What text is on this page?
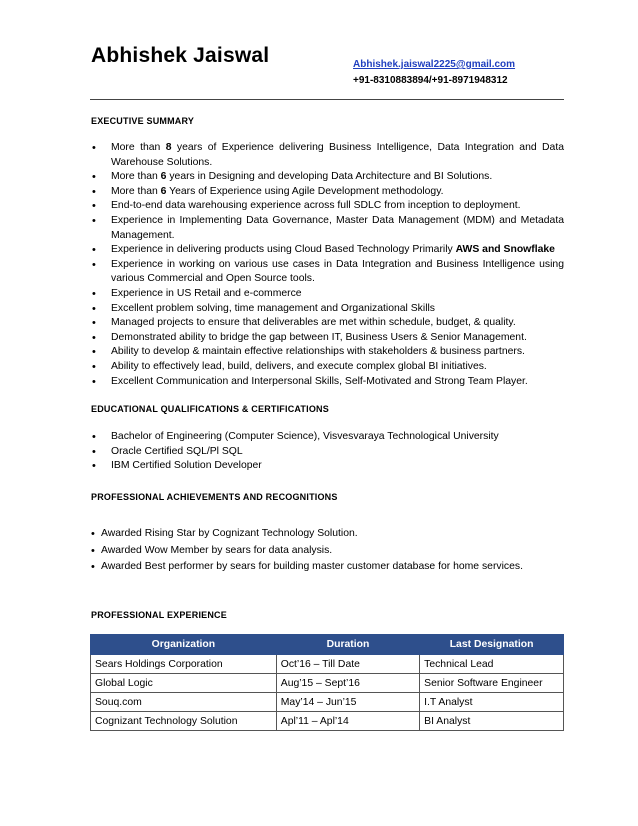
Abhishek Jaiswal	Abhishek.jaiswal2225@gmail.com
+91-8310883894/+91-8971948312
EXECUTIVE SUMMARY
• More than 8 years of Experience delivering Business Intelligence, Data Integration and Data Warehouse Solutions.
• More than 6 years in Designing and developing Data Architecture and BI Solutions.
• More than 6 Years of Experience using Agile Development methodology.
• End-to-end data warehousing experience across full SDLC from inception to deployment.
• Experience in Implementing Data Governance, Master Data Management (MDM) and Metadata Management.
• Experience in delivering products using Cloud Based Technology Primarily AWS and Snowflake
• Experience in working on various use cases in Data Integration and Business Intelligence using various Commercial and Open Source tools.
• Experience in US Retail and e-commerce
• Excellent problem solving, time management and Organizational Skills
• Managed projects to ensure that deliverables are met within schedule, budget, & quality.
• Demonstrated ability to bridge the gap between IT, Business Users & Senior Management.
• Ability to develop & maintain effective relationships with stakeholders & business partners.
• Ability to effectively lead, build, delivers, and execute complex global BI initiatives.
• Excellent Communication and Interpersonal Skills, Self-Motivated and Strong Team Player.
EDUCATIONAL QUALIFICATIONS & CERTIFICATIONS
• Bachelor of Engineering (Computer Science), Visvesvaraya Technological University
• Oracle Certified SQL/Pl SQL
• IBM Certified Solution Developer
PROFESSIONAL ACHIEVEMENTS AND RECOGNITIONS
• Awarded Rising Star by Cognizant Technology Solution.
• Awarded Wow Member by sears for data analysis.
• Awarded Best performer by sears for building master customer database for home services.
PROFESSIONAL EXPERIENCE
Organization	Duration	Last Designation
Sears Holdings Corporation	Oct’16 – Till Date	Technical Lead
Global Logic	Aug’15 – Sept’16	Senior Software Engineer
Souq.com	May’14 – Jun’15	I.T Analyst
Cognizant Technology Solution	Apl’11 – Apl’14	BI Analyst
